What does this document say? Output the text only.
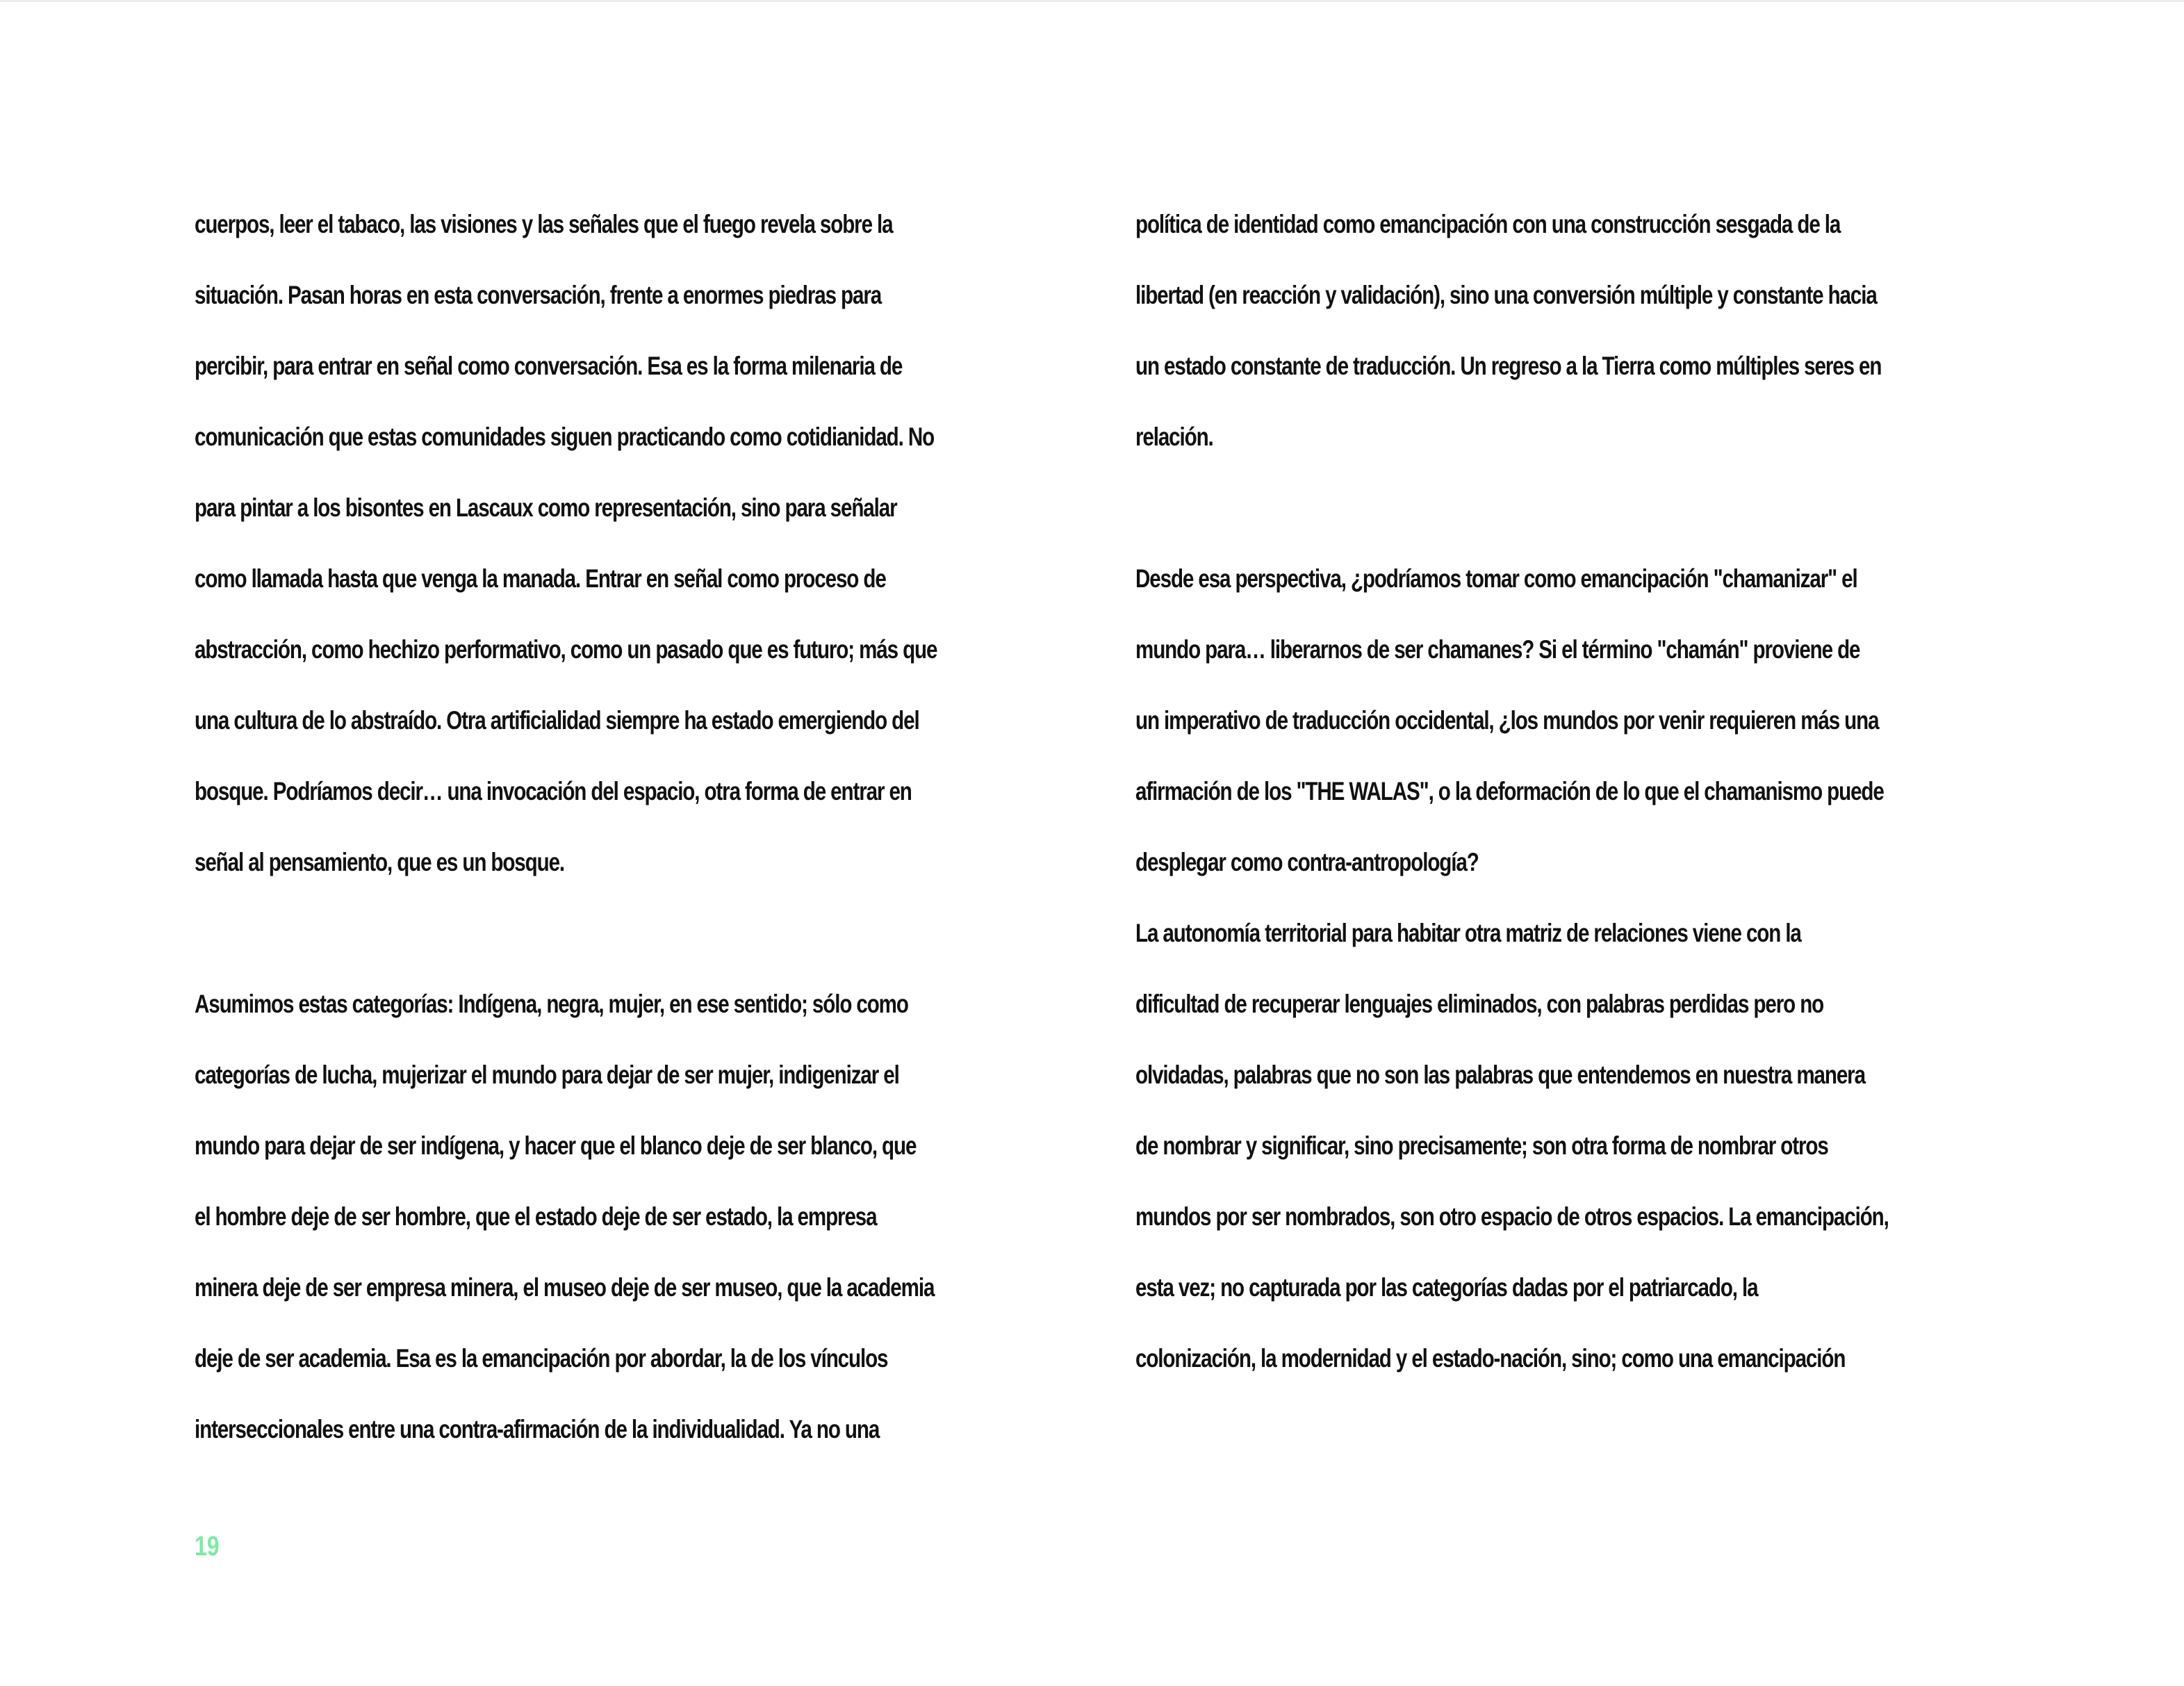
cuerpos, leer el tabaco, las visiones y las señales que el fuego revela sobre la
situación. Pasan horas en esta conversación, frente a enormes piedras para
percibir, para entrar en señal como conversación. Esa es la forma milenaria de
comunicación que estas comunidades siguen practicando como cotidianidad. No
para pintar a los bisontes en Lascaux como representación, sino para señalar
como llamada hasta que venga la manada. Entrar en señal como proceso de
abstracción, como hechizo performativo, como un pasado que es futuro; más que
una cultura de lo abstraído. Otra artificialidad siempre ha estado emergiendo del
bosque. Podríamos decir… una invocación del espacio, otra forma de entrar en
señal al pensamiento, que es un bosque.
Asumimos estas categorías: Indígena, negra, mujer, en ese sentido; sólo como
categorías de lucha, mujerizar el mundo para dejar de ser mujer, indigenizar el
mundo para dejar de ser indígena, y hacer que el blanco deje de ser blanco, que
el hombre deje de ser hombre, que el estado deje de ser estado, la empresa
minera deje de ser empresa minera, el museo deje de ser museo, que la academia
deje de ser academia. Esa es la emancipación por abordar, la de los vínculos
interseccionales entre una contra-afirmación de la individualidad. Ya no una
política de identidad como emancipación con una construcción sesgada de la
libertad (en reacción y validación), sino una conversión múltiple y constante hacia
un estado constante de traducción. Un regreso a la Tierra como múltiples seres en
relación.
Desde esa perspectiva, ¿podríamos tomar como emancipación "chamanizar" el
mundo para… liberarnos de ser chamanes? Si el término "chamán" proviene de
un imperativo de traducción occidental, ¿los mundos por venir requieren más una
afirmación de los "THE WALAS", o la deformación de lo que el chamanismo puede
desplegar como contra-antropología?
La autonomía territorial para habitar otra matriz de relaciones viene con la
dificultad de recuperar lenguajes eliminados, con palabras perdidas pero no
olvidadas, palabras que no son las palabras que entendemos en nuestra manera
de nombrar y significar, sino precisamente; son otra forma de nombrar otros
mundos por ser nombrados, son otro espacio de otros espacios. La emancipación,
esta vez; no capturada por las categorías dadas por el patriarcado, la
colonización, la modernidad y el estado-nación, sino; como una emancipación
19
